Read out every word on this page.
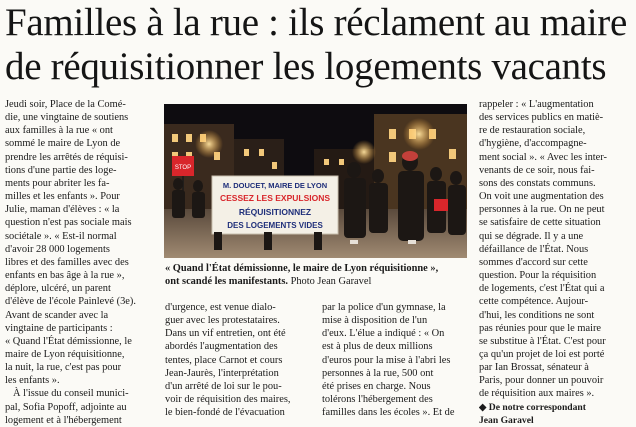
Familles à la rue : ils réclament au maire
de réquisitionner les logements vacants
Jeudi soir, Place de la Comé-
die, une vingtaine de soutiens
aux familles à la rue « ont
sommé le maire de Lyon de
prendre les arrêtés de réquisi-
tions d'une partie des loge-
ments pour abriter les fa-
milles et les enfants ». Pour
Julie, maman d'élèves : « la
question n'est pas sociale mais
sociétale ». « Est-il normal
d'avoir 28 000 logements
libres et des familles avec des
enfants en bas âge à la rue »,
déplore, ulcéré, un parent
d'élève de l'école Painlevé (3e).
Avant de scander avec la
vingtaine de participants :
« Quand l'État démissionne, le
maire de Lyon réquisitionne,
la nuit, la rue, c'est pas pour
les enfants ».
À l'issue du conseil munici-
pal, Sofia Popoff, adjointe au
logement et à l'hébergement
STOP
M. DOUCET, MAIRE DE LYON
CESSEZ LES EXPULSIONS
RÉQUISITIONNEZ
DES LOGEMENTS VIDES
« Quand l'État démissionne, le maire de Lyon réquisitionne »,
ont scandé les manifestants. Photo Jean Garavel
d'urgence, est venue dialo-
guer avec les protestataires.
Dans un vif entretien, ont été
abordés l'augmentation des
tentes, place Carnot et cours
Jean-Jaurès, l'interprétation
d'un arrêté de loi sur le pou-
voir de réquisition des maires,
le bien-fondé de l'évacuation
par la police d'un gymnase, la
mise à disposition de l'un
d'eux. L'élue a indiqué : « On
est à plus de deux millions
d'euros pour la mise à l'abri les
personnes à la rue, 500 ont
été prises en charge. Nous
tolérons l'hébergement des
familles dans les écoles ». Et de
rappeler : « L'augmentation
des services publics en matiè-
re de restauration sociale,
d'hygiène, d'accompagne-
ment social ». « Avec les inter-
venants de ce soir, nous fai-
sons des constats communs.
On voit une augmentation des
personnes à la rue. On ne peut
se satisfaire de cette situation
qui se dégrade. Il y a une
défaillance de l'État. Nous
sommes d'accord sur cette
question. Pour la réquisition
de logements, c'est l'État qui a
cette compétence. Aujour-
d'hui, les conditions ne sont
pas réunies pour que le maire
se substitue à l'État. C'est pour
ça qu'un projet de loi est porté
par Ian Brossat, sénateur à
Paris, pour donner un pouvoir
de réquisition aux maires ».
◆ De notre correspondant
Jean Garavel
